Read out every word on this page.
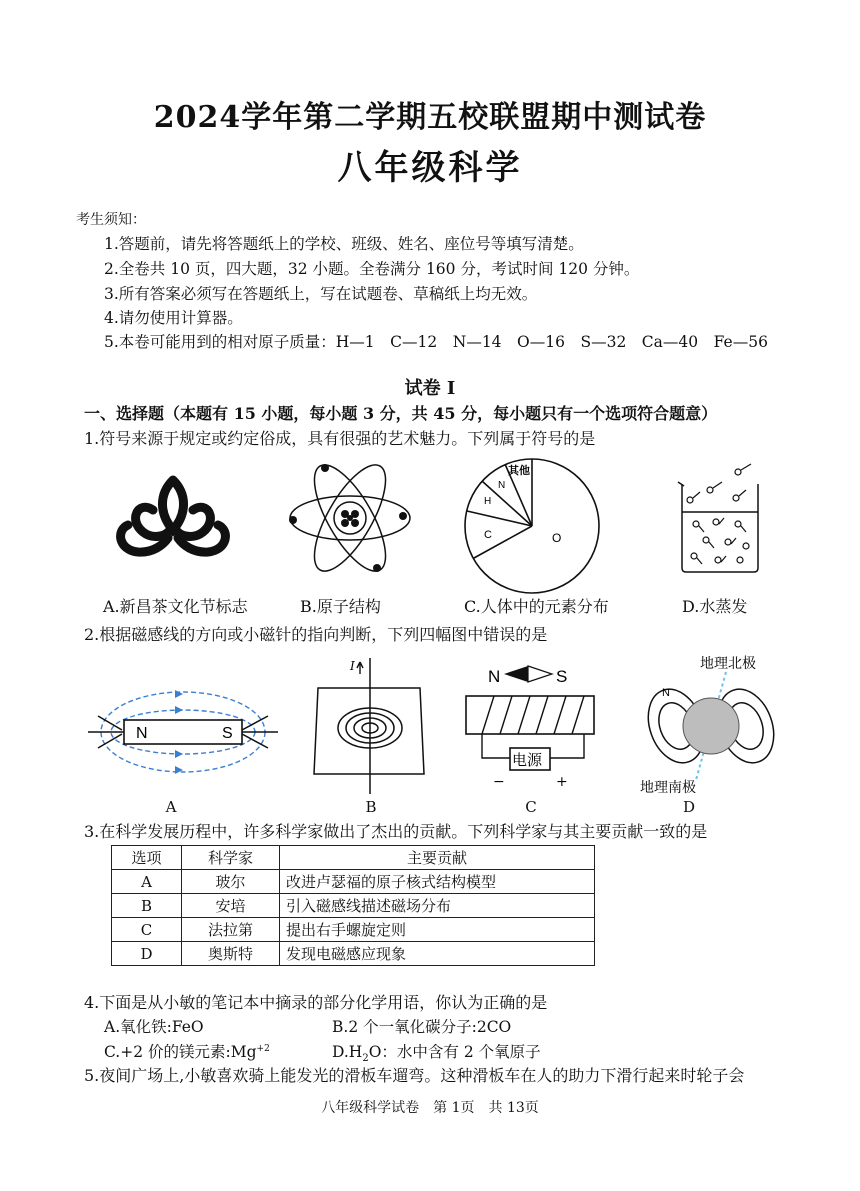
2024学年第二学期五校联盟期中测试卷
八年级科学
考生须知：
1.答题前，请先将答题纸上的学校、班级、姓名、座位号等填写清楚。
2.全卷共 10 页，四大题，32 小题。全卷满分 160 分，考试时间 120 分钟。
3.所有答案必须写在答题纸上，写在试题卷、草稿纸上均无效。
4.请勿使用计算器。
5.本卷可能用到的相对原子质量：H—1　C—12　N—14　O—16　S—32　Ca—40　Fe—56
试卷 I
一、选择题（本题有 15 小题，每小题 3 分，共 45 分，每小题只有一个选项符合题意）
1.符号来源于规定或约定俗成，具有很强的艺术魅力。下列属于符号的是
其他
N
H
C	O
A.新昌茶文化节标志	B.原子结构	C.人体中的元素分布	D.水蒸发
2.根据磁感线的方向或小磁针的指向判断，下列四幅图中错误的是
N	S
I
N	S
电源
−	+
地理北极
地理南极
N
A	B	C	D
3.在科学发展历程中，许多科学家做出了杰出的贡献。下列科学家与其主要贡献一致的是
选项	科学家	主要贡献
A	玻尔	改进卢瑟福的原子核式结构模型
B	安培	引入磁感线描述磁场分布
C	法拉第	提出右手螺旋定则
D	奥斯特	发现电磁感应现象
4.下面是从小敏的笔记本中摘录的部分化学用语，你认为正确的是
A.氧化铁:FeO	B.2 个一氧化碳分子:2CO
C.+2 价的镁元素$:Mg^{+2}$	$D.H_2O$：水中含有 2 个氧原子
5.夜间广场上,小敏喜欢骑上能发光的滑板车遛弯。这种滑板车在人的助力下滑行起来时轮子会
八年级科学试卷　第 1页　共 13页
